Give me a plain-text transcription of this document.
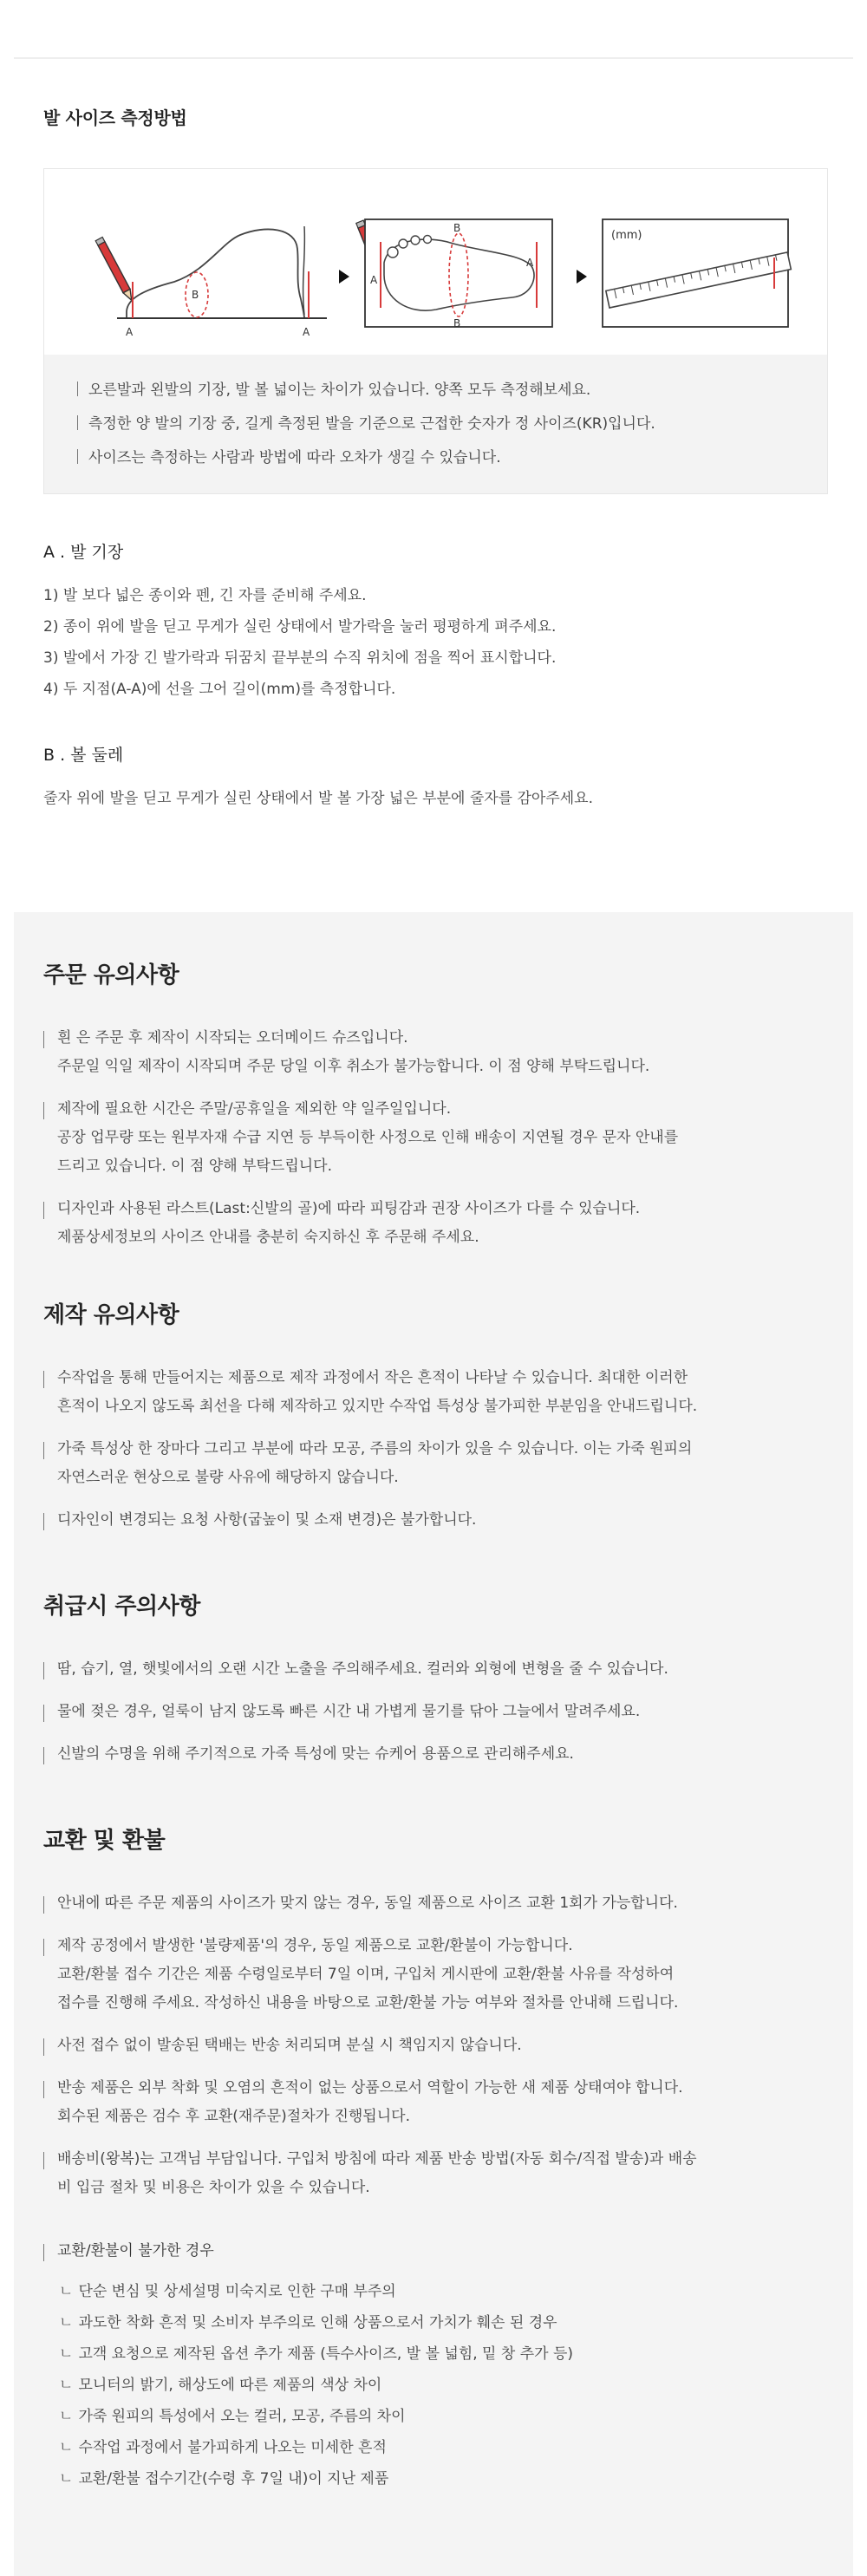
발 사이즈 측정방법
A	A
B
B
B
A
A
(mm)

오른발과 왼발의 기장, 발 볼 넓이는 차이가 있습니다. 양쪽 모두 측정해보세요.

측정한 양 발의 기장 중, 길게 측정된 발을 기준으로 근접한 숫자가 정 사이즈(KR)입니다.

사이즈는 측정하는 사람과 방법에 따라 오차가 생길 수 있습니다.

A . 발 기장

1) 발 보다 넓은 종이와 펜, 긴 자를 준비해 주세요.

2) 종이 위에 발을 딛고 무게가 실린 상태에서 발가락을 눌러 평평하게 펴주세요.

3) 발에서 가장 긴 발가락과 뒤꿈치 끝부분의 수직 위치에 점을 찍어 표시합니다.

4) 두 지점(A-A)에 선을 그어 길이(mm)를 측정합니다.

B . 볼 둘레

줄자 위에 발을 딛고 무게가 실린 상태에서 발 볼 가장 넓은 부분에 줄자를 감아주세요.

주문 유의사항

흰 은 주문 후 제작이 시작되는 오더메이드 슈즈입니다.

주문일 익일 제작이 시작되며 주문 당일 이후 취소가 불가능합니다. 이 점 양해 부탁드립니다.

제작에 필요한 시간은 주말/공휴일을 제외한 약 일주일입니다.

공장 업무량 또는 원부자재 수급 지연 등 부득이한 사정으로 인해 배송이 지연될 경우 문자 안내를

드리고 있습니다. 이 점 양해 부탁드립니다.

디자인과 사용된 라스트(Last:신발의 골)에 따라 피팅감과 권장 사이즈가 다를 수 있습니다.

제품상세정보의 사이즈 안내를 충분히 숙지하신 후 주문해 주세요.

제작 유의사항

수작업을 통해 만들어지는 제품으로 제작 과정에서 작은 흔적이 나타날 수 있습니다. 최대한 이러한

흔적이 나오지 않도록 최선을 다해 제작하고 있지만 수작업 특성상 불가피한 부분임을 안내드립니다.

가죽 특성상 한 장마다 그리고 부분에 따라 모공, 주름의 차이가 있을 수 있습니다. 이는 가죽 원피의

자연스러운 현상으로 불량 사유에 해당하지 않습니다.

디자인이 변경되는 요청 사항(굽높이 및 소재 변경)은 불가합니다.

취급시 주의사항

땀, 습기, 열, 햇빛에서의 오랜 시간 노출을 주의해주세요. 컬러와 외형에 변형을 줄 수 있습니다.

물에 젖은 경우, 얼룩이 남지 않도록 빠른 시간 내 가볍게 물기를 닦아 그늘에서 말려주세요.

신발의 수명을 위해 주기적으로 가죽 특성에 맞는 슈케어 용품으로 관리해주세요.

교환 및 환불

안내에 따른 주문 제품의 사이즈가 맞지 않는 경우, 동일 제품으로 사이즈 교환 1회가 가능합니다.

제작 공정에서 발생한 '불량제품'의 경우, 동일 제품으로 교환/환불이 가능합니다.

교환/환불 접수 기간은 제품 수령일로부터 7일 이며, 구입처 게시판에 교환/환불 사유를 작성하여

접수를 진행해 주세요. 작성하신 내용을 바탕으로 교환/환불 가능 여부와 절차를 안내해 드립니다.

사전 접수 없이 발송된 택배는 반송 처리되며 분실 시 책임지지 않습니다.

반송 제품은 외부 착화 및 오염의 흔적이 없는 상품으로서 역할이 가능한 새 제품 상태여야 합니다.

회수된 제품은 검수 후 교환(재주문)절차가 진행됩니다.

배송비(왕복)는 고객님 부담입니다. 구입처 방침에 따라 제품 반송 방법(자동 회수/직접 발송)과 배송

비 입금 절차 및 비용은 차이가 있을 수 있습니다.

교환/환불이 불가한 경우

ㄴ 단순 변심 및 상세설명 미숙지로 인한 구매 부주의

ㄴ 과도한 착화 흔적 및 소비자 부주의로 인해 상품으로서 가치가 훼손 된 경우

ㄴ 고객 요청으로 제작된 옵션 추가 제품 (특수사이즈, 발 볼 넓힘, 밑 창 추가 등)

ㄴ 모니터의 밝기, 해상도에 따른 제품의 색상 차이

ㄴ 가죽 원피의 특성에서 오는 컬러, 모공, 주름의 차이

ㄴ 수작업 과정에서 불가피하게 나오는 미세한 흔적

ㄴ 교환/환불 접수기간(수령 후 7일 내)이 지난 제품
